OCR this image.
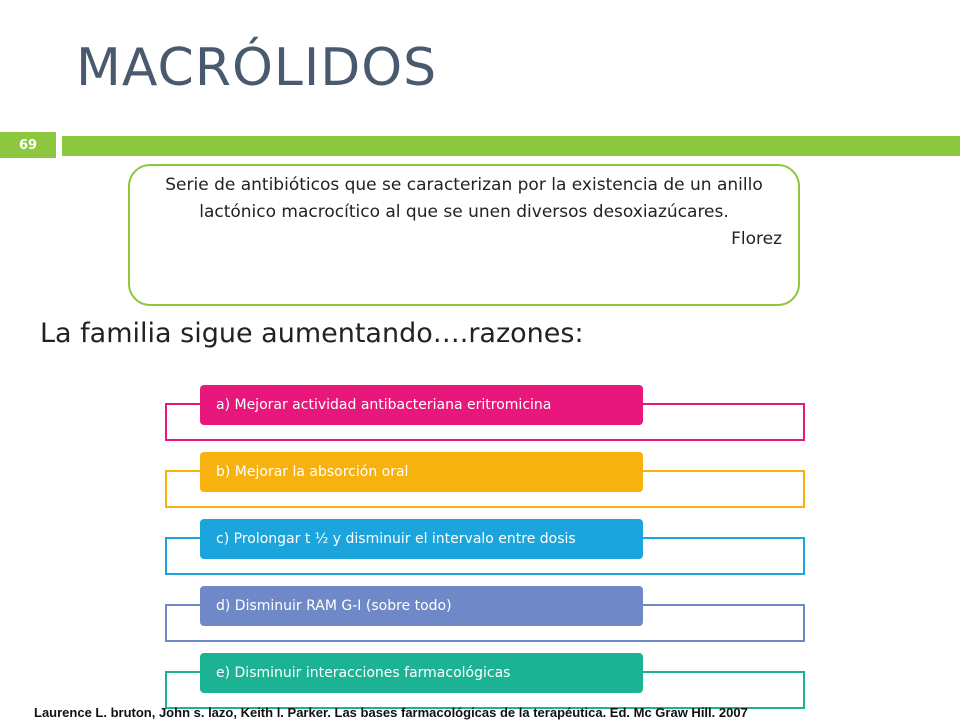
MACRÓLIDOS
69
Serie de antibióticos que se caracterizan por la existencia de un anillo lactónico macrocítico al que se unen diversos desoxiazúcares.
Florez
La familia sigue aumentando….razones:
a) Mejorar actividad antibacteriana eritromicina
b) Mejorar la absorción oral
c) Prolongar t ½ y disminuir el intervalo entre dosis
d) Disminuir RAM G-I (sobre todo)
e) Disminuir interacciones farmacológicas
Laurence L. bruton, John s. lazo, Keith l. Parker. Las bases farmacológicas de la terapéutica. Ed. Mc Graw Hill. 2007
